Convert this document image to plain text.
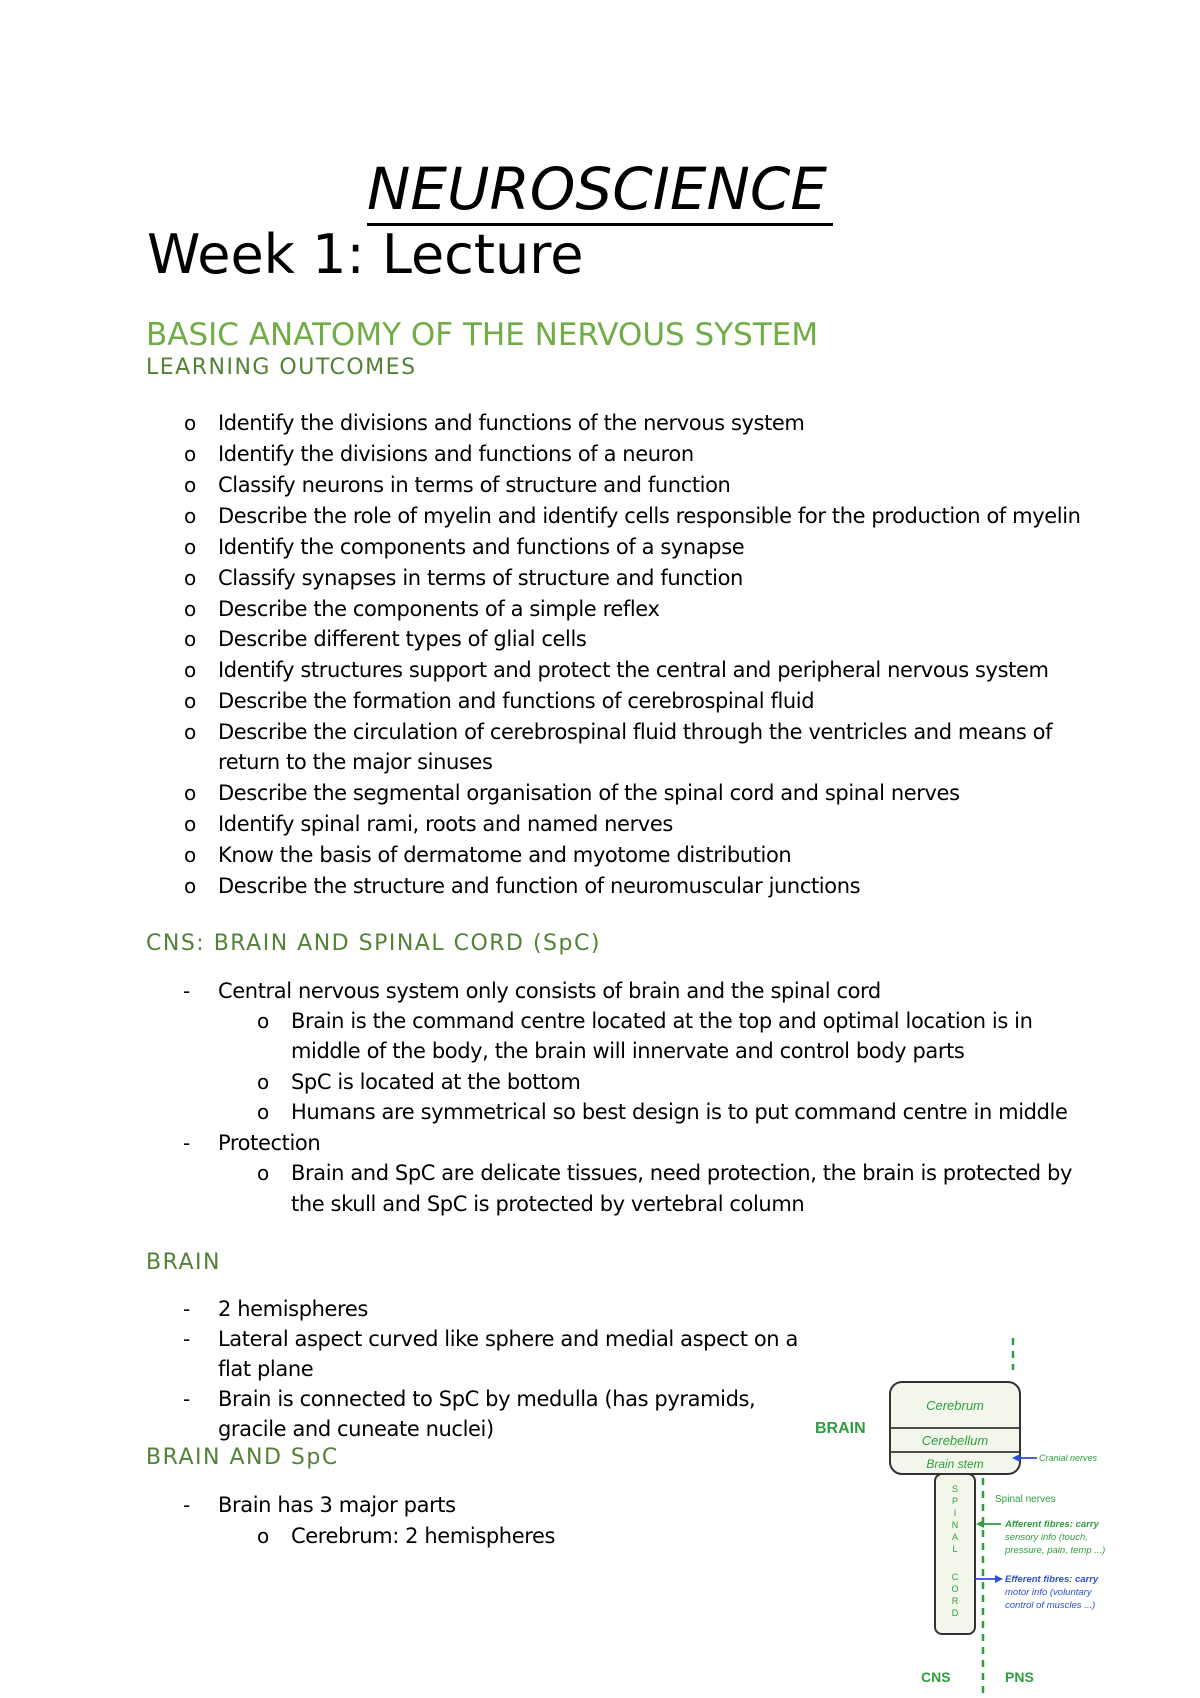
NEUROSCIENCE
Week 1: Lecture
BASIC ANATOMY OF THE NERVOUS SYSTEM
LEARNING OUTCOMES
o Identify the divisions and functions of the nervous system
o Identify the divisions and functions of a neuron
o Classify neurons in terms of structure and function
o Describe the role of myelin and identify cells responsible for the production of myelin
o Identify the components and functions of a synapse
o Classify synapses in terms of structure and function
o Describe the components of a simple reflex
o Describe different types of glial cells
o Identify structures support and protect the central and peripheral nervous system
o Describe the formation and functions of cerebrospinal fluid
o Describe the circulation of cerebrospinal fluid through the ventricles and means of
return to the major sinuses
o Describe the segmental organisation of the spinal cord and spinal nerves
o Identify spinal rami, roots and named nerves
o Know the basis of dermatome and myotome distribution
o Describe the structure and function of neuromuscular junctions
CNS: BRAIN AND SPINAL CORD (SpC)
- Central nervous system only consists of brain and the spinal cord
o Brain is the command centre located at the top and optimal location is in
middle of the body, the brain will innervate and control body parts
o SpC is located at the bottom
o Humans are symmetrical so best design is to put command centre in middle
- Protection
o Brain and SpC are delicate tissues, need protection, the brain is protected by
the skull and SpC is protected by vertebral column
BRAIN
- 2 hemispheres
- Lateral aspect curved like sphere and medial aspect on a
flat plane
- Brain is connected to SpC by medulla (has pyramids,
gracile and cuneate nuclei)
BRAIN AND SpC
- Brain has 3 major parts
o Cerebrum: 2 hemispheres
Cerebrum
Cerebellum
Brain stem
BRAIN
Cranial nerves
S
P
I
N
A
L
C
O
R
D
Spinal nerves
Afferent fibres: carry
sensory info (touch,
pressure, pain, temp ...)
Efferent fibres: carry
motor info (voluntary
control of muscles ...)
CNS	PNS
